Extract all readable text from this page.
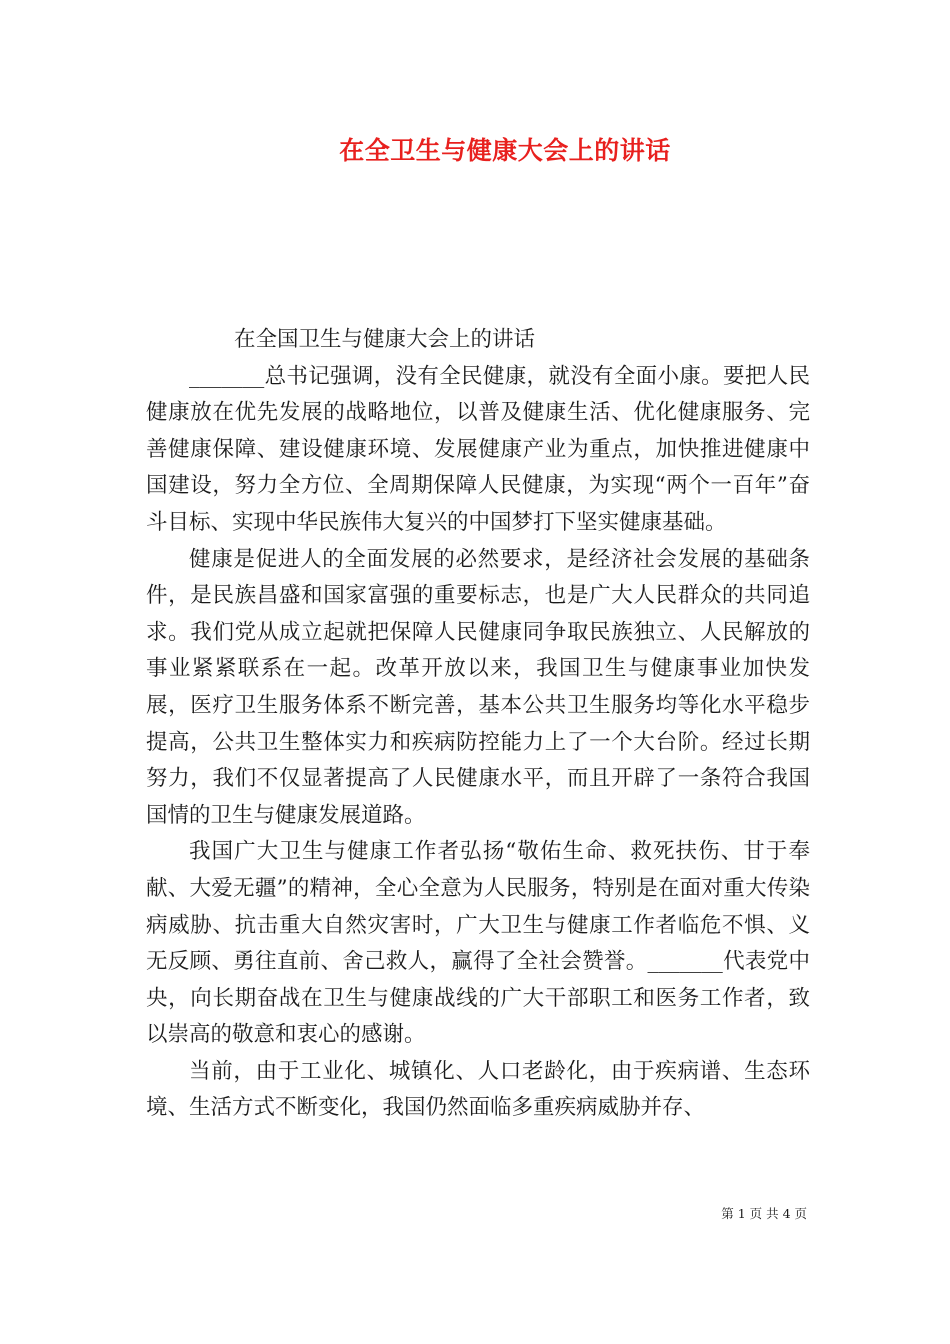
在全卫生与健康大会上的讲话
在全国卫生与健康大会上的讲话

_______总书记强调，没有全民健康，就没有全面小康。要把人民健康放在优先发展的战略地位，以普及健康生活、优化健康服务、完善健康保障、建设健康环境、发展健康产业为重点，加快推进健康中国建设，努力全方位、全周期保障人民健康，为实现“两个一百年”奋斗目标、实现中华民族伟大复兴的中国梦打下坚实健康基础。

健康是促进人的全面发展的必然要求，是经济社会发展的基础条件，是民族昌盛和国家富强的重要标志，也是广大人民群众的共同追求。我们党从成立起就把保障人民健康同争取民族独立、人民解放的事业紧紧联系在一起。改革开放以来，我国卫生与健康事业加快发展，医疗卫生服务体系不断完善，基本公共卫生服务均等化水平稳步提高，公共卫生整体实力和疾病防控能力上了一个大台阶。经过长期努力，我们不仅显著提高了人民健康水平，而且开辟了一条符合我国国情的卫生与健康发展道路。

我国广大卫生与健康工作者弘扬“敬佑生命、救死扶伤、甘于奉献、大爱无疆”的精神，全心全意为人民服务，特别是在面对重大传染病威胁、抗击重大自然灾害时，广大卫生与健康工作者临危不惧、义无反顾、勇往直前、舍己救人，赢得了全社会赞誉。_______代表党中央，向长期奋战在卫生与健康战线的广大干部职工和医务工作者，致以崇高的敬意和衷心的感谢。

当前，由于工业化、城镇化、人口老龄化，由于疾病谱、生态环境、生活方式不断变化，我国仍然面临多重疾病威胁并存、

第 1 页 共 4 页
